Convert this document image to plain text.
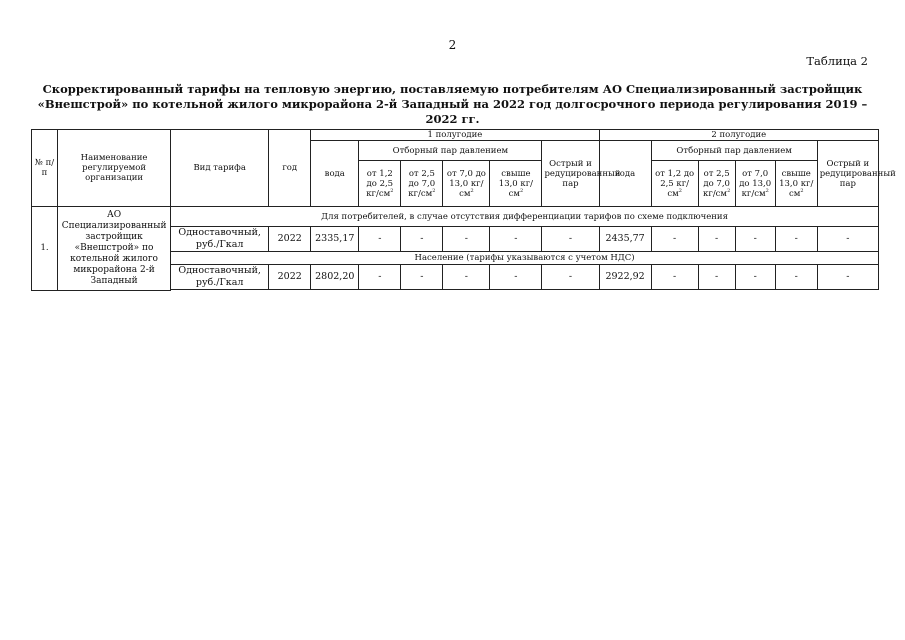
2
Таблица 2
Скорректированный тарифы на тепловую энергию, поставляемую потребителям АО Специализированный застройщик «Внешстрой» по котельной жилого микрорайона 2-й Западный на 2022 год долгосрочного периода регулирования 2019 – 2022 гг.
№ п/п	Наименование регулируемой организации	Вид тарифа	год	1 полугодие						2 полугодие					
				вода	Отборный пар давлением				Острый и редуцированный пар	вода	Отборный пар давлением				Острый и редуцированный пар
					от 1,2 до 2,5 $кг/см^2$	от 2,5 до 7,0 $кг/см^2$	от 7,0 до 13,0 $кг/см^2$	свыше 13,0 $кг/см^2$			от 1,2 до 2,5 $кг/см^2$	от 2,5 до 7,0 $кг/см^2$	от 7,0 до 13,0 $кг/см^2$	свыше 13,0 $кг/см^2$
1.	АО Специализированный застройщик «Внешстрой» по котельной жилого микрорайона 2-й Западный	Для потребителей, в случае отсутствия дифференциации тарифов по схеме подключения													
		Одноставочный, руб./Гкал	2022	2335,17	-	-	-	-	-	2435,77	-	-	-	-	-
		Население (тарифы указываются с учетом НДС)													
		Одноставочный, руб./Гкал	2022	2802,20	-	-	-	-	-	2922,92	-	-	-	-	-
